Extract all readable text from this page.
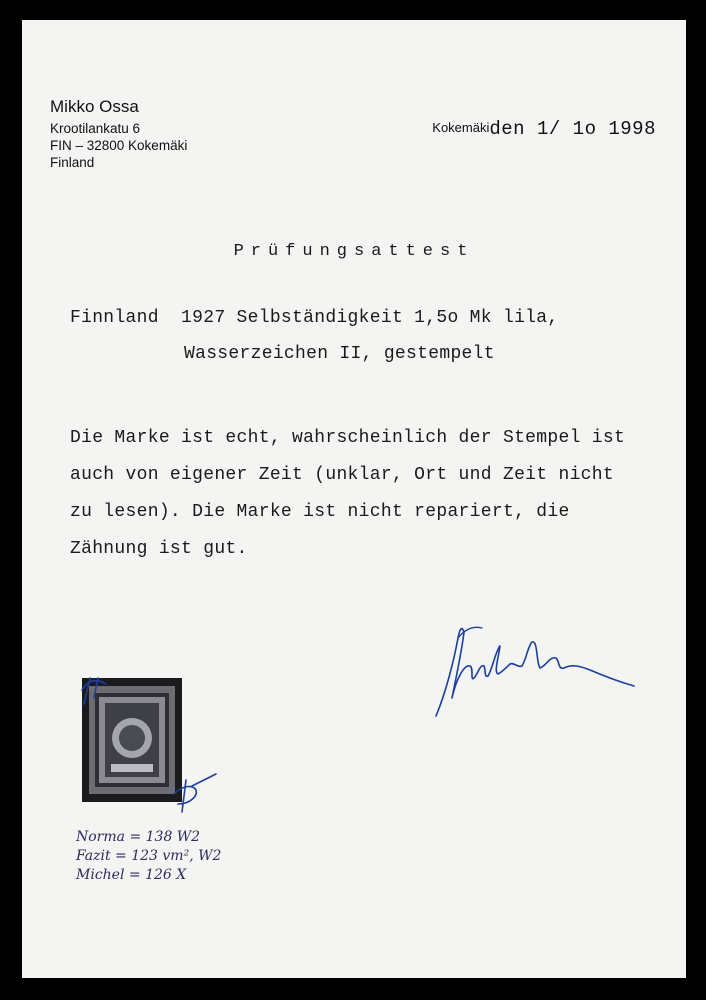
Mikko Ossa
Krootilankatu 6
FIN – 32800 Kokemäki
Finland
Kokemäkiden 1/ 1o 1998
Prüfungsattest
Finnland  1927 Selbständigkeit 1,5o Mk lila,
Wasserzeichen II, gestempelt
Die Marke ist echt, wahrscheinlich der Stempel ist
auch von eigener Zeit (unklar, Ort und Zeit nicht
zu lesen). Die Marke ist nicht repariert, die
Zähnung ist gut.
Norma = 138 W2
Fazit = 123 vm², W2
Michel = 126 X
